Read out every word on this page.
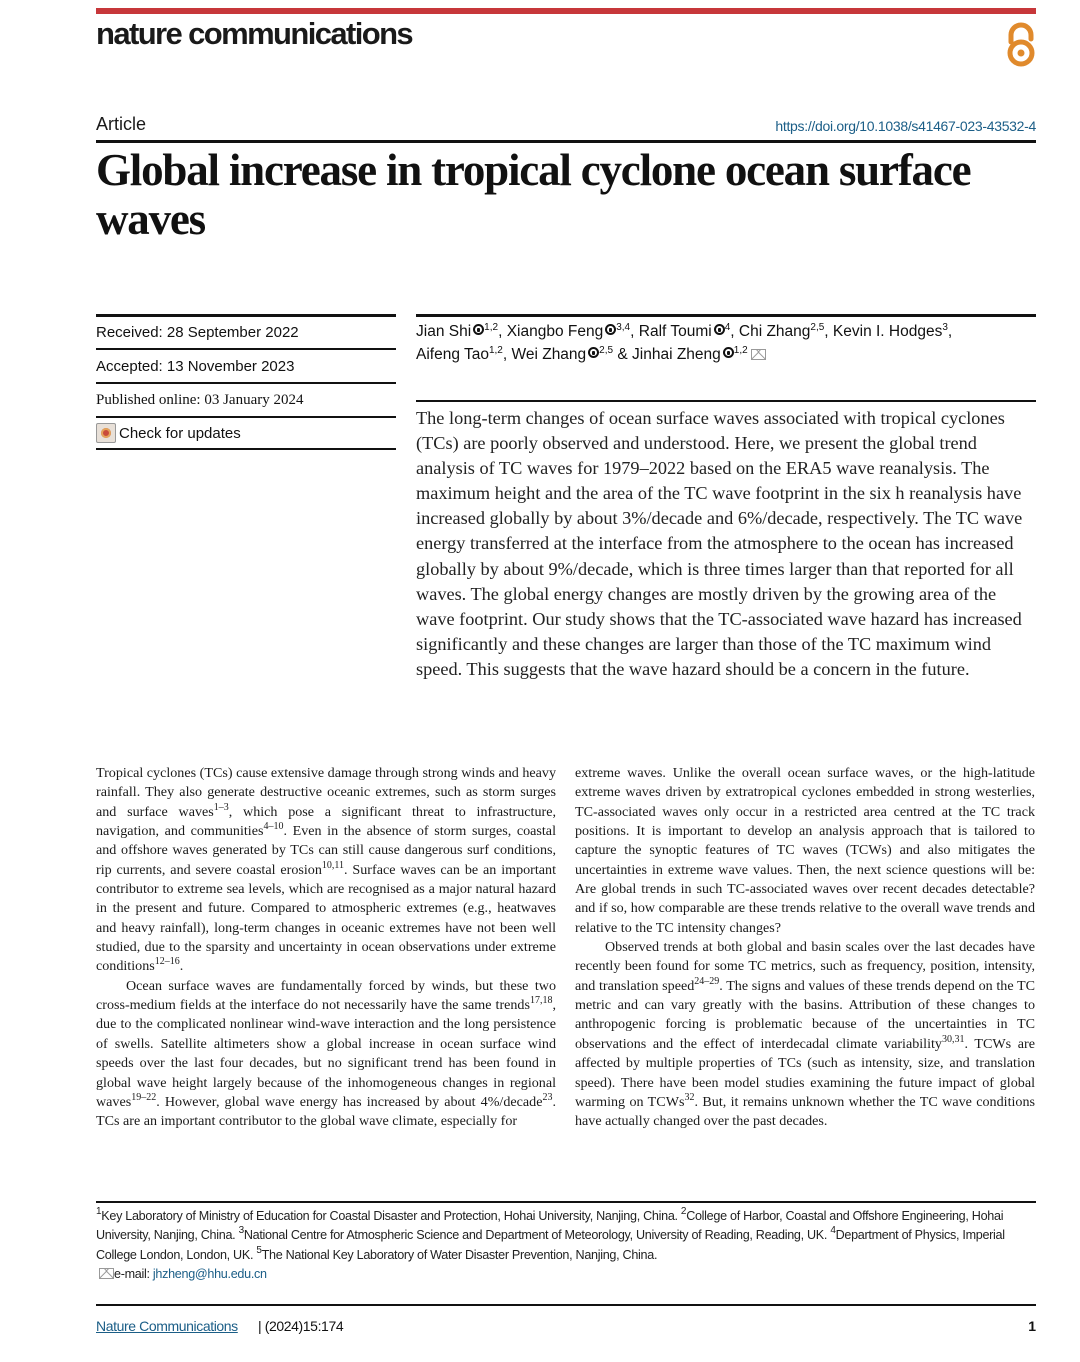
nature communications
Article	https://doi.org/10.1038/s41467-023-43532-4
Global increase in tropical cyclone ocean surface waves
Received: 28 September 2022
Accepted: 13 November 2023
Published online: 03 January 2024
Check for updates
Jian Shi $^{1,2}$, Xiangbo Feng $^{3,4}$, Ralf Toumi $^4$, Chi Zhang$^{2,5}$, Kevin I. Hodges$^3$, Aifeng Tao$^{1,2}$, Wei Zhang $^{2,5}$ & Jinhai Zheng $^{1,2}$

The long-term changes of ocean surface waves associated with tropical cyclones (TCs) are poorly observed and understood. Here, we present the global trend analysis of TC waves for 1979–2022 based on the ERA5 wave reanalysis. The maximum height and the area of the TC wave footprint in the six h reanalysis have increased globally by about 3%/decade and 6%/decade, respectively. The TC wave energy transferred at the interface from the atmosphere to the ocean has increased globally by about 9%/decade, which is three times larger than that reported for all waves. The global energy changes are mostly driven by the growing area of the wave footprint. Our study shows that the TC-associated wave hazard has increased significantly and these changes are larger than those of the TC maximum wind speed. This suggests that the wave hazard should be a concern in the future.

Tropical cyclones (TCs) cause extensive damage through strong winds and heavy rainfall. They also generate destructive oceanic extremes, such as storm surges and surface waves$^{1-3}$, which pose a significant threat to infrastructure, navigation, and communities$^{4-10}$. Even in the absence of storm surges, coastal and offshore waves generated by TCs can still cause dangerous surf conditions, rip currents, and severe coastal erosion$^{10,11}$. Surface waves can be an important contributor to extreme sea levels, which are recognised as a major natural hazard in the present and future. Compared to atmospheric extremes (e.g., heatwaves and heavy rainfall), long-term changes in oceanic extremes have not been well studied, due to the sparsity and uncertainty in ocean observations under extreme conditions$^{12-16}$.

Ocean surface waves are fundamentally forced by winds, but these two cross-medium fields at the interface do not necessarily have the same trends$^{17,18}$, due to the complicated nonlinear wind-wave interaction and the long persistence of swells. Satellite altimeters show a global increase in ocean surface wind speeds over the last four decades, but no significant trend has been found in global wave height largely because of the inhomogeneous changes in regional waves$^{19-22}$. However, global wave energy has increased by about 4%/decade$^{23}$. TCs are an important contributor to the global wave climate, especially for

extreme waves. Unlike the overall ocean surface waves, or the high-latitude extreme waves driven by extratropical cyclones embedded in strong westerlies, TC-associated waves only occur in a restricted area centred at the TC track positions. It is important to develop an analysis approach that is tailored to capture the synoptic features of TC waves (TCWs) and also mitigates the uncertainties in extreme wave values. Then, the next science questions will be: Are global trends in such TC-associated waves over recent decades detectable? and if so, how comparable are these trends relative to the overall wave trends and relative to the TC intensity changes?

Observed trends at both global and basin scales over the last decades have recently been found for some TC metrics, such as frequency, position, intensity, and translation speed$^{24-29}$. The signs and values of these trends depend on the TC metric and can vary greatly with the basins. Attribution of these changes to anthropogenic forcing is problematic because of the uncertainties in TC observations and the effect of interdecadal climate variability$^{30,31}$. TCWs are affected by multiple properties of TCs (such as intensity, size, and translation speed). There have been model studies examining the future impact of global warming on TCWs$^{32}$. But, it remains unknown whether the TC wave conditions have actually changed over the past decades.

$^1$Key Laboratory of Ministry of Education for Coastal Disaster and Protection, Hohai University, Nanjing, China. $^2$College of Harbor, Coastal and Offshore Engineering, Hohai University, Nanjing, China. $^3$National Centre for Atmospheric Science and Department of Meteorology, University of Reading, Reading, UK. $^4$Department of Physics, Imperial College London, London, UK. $^5$The National Key Laboratory of Water Disaster Prevention, Nanjing, China.
e-mail: jhzheng@hhu.edu.cn
Nature Communications | (2024)15:174	1
